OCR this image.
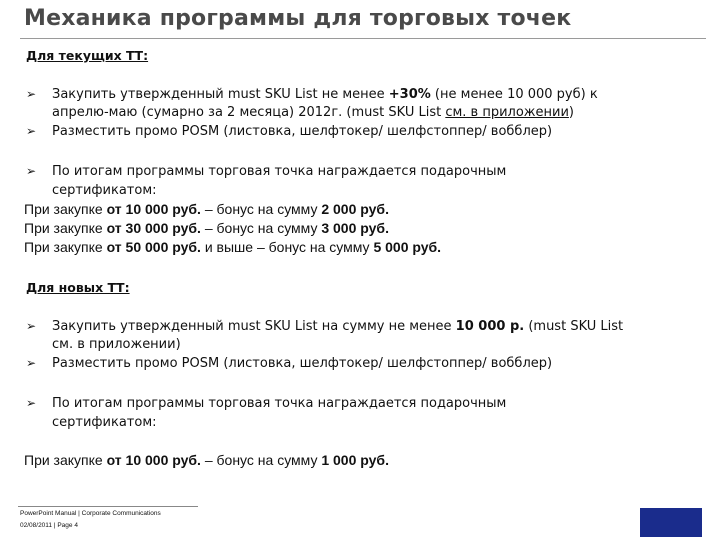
Механика программы для торговых точек
Для текущих ТТ:
➢ Закупить утвержденный must SKU List не менее +30% (не менее 10 000 руб) к
апрелю-маю (сумарно за 2 месяца) 2012г. (must SKU List см. в приложении)
➢ Разместить промо POSM (листовка, шелфтокер/ шелфстоппер/ вобблер)
➢ По итогам программы торговая точка награждается подарочным
сертификатом:
При закупке от 10 000 руб. – бонус на сумму 2 000 руб.
При закупке от 30 000 руб. – бонус на сумму 3 000 руб.
При закупке от 50 000 руб. и выше – бонус на сумму 5 000 руб.
Для новых ТТ:
➢ Закупить утвержденный must SKU List на сумму не менее 10 000 р. (must SKU List
см. в приложении)
➢ Разместить промо POSM (листовка, шелфтокер/ шелфстоппер/ вобблер)
➢ По итогам программы торговая точка награждается подарочным
сертификатом:
При закупке от 10 000 руб. – бонус на сумму 1 000 руб.
PowerPoint Manual | Corporate Communications
02/08/2011 | Page 4
